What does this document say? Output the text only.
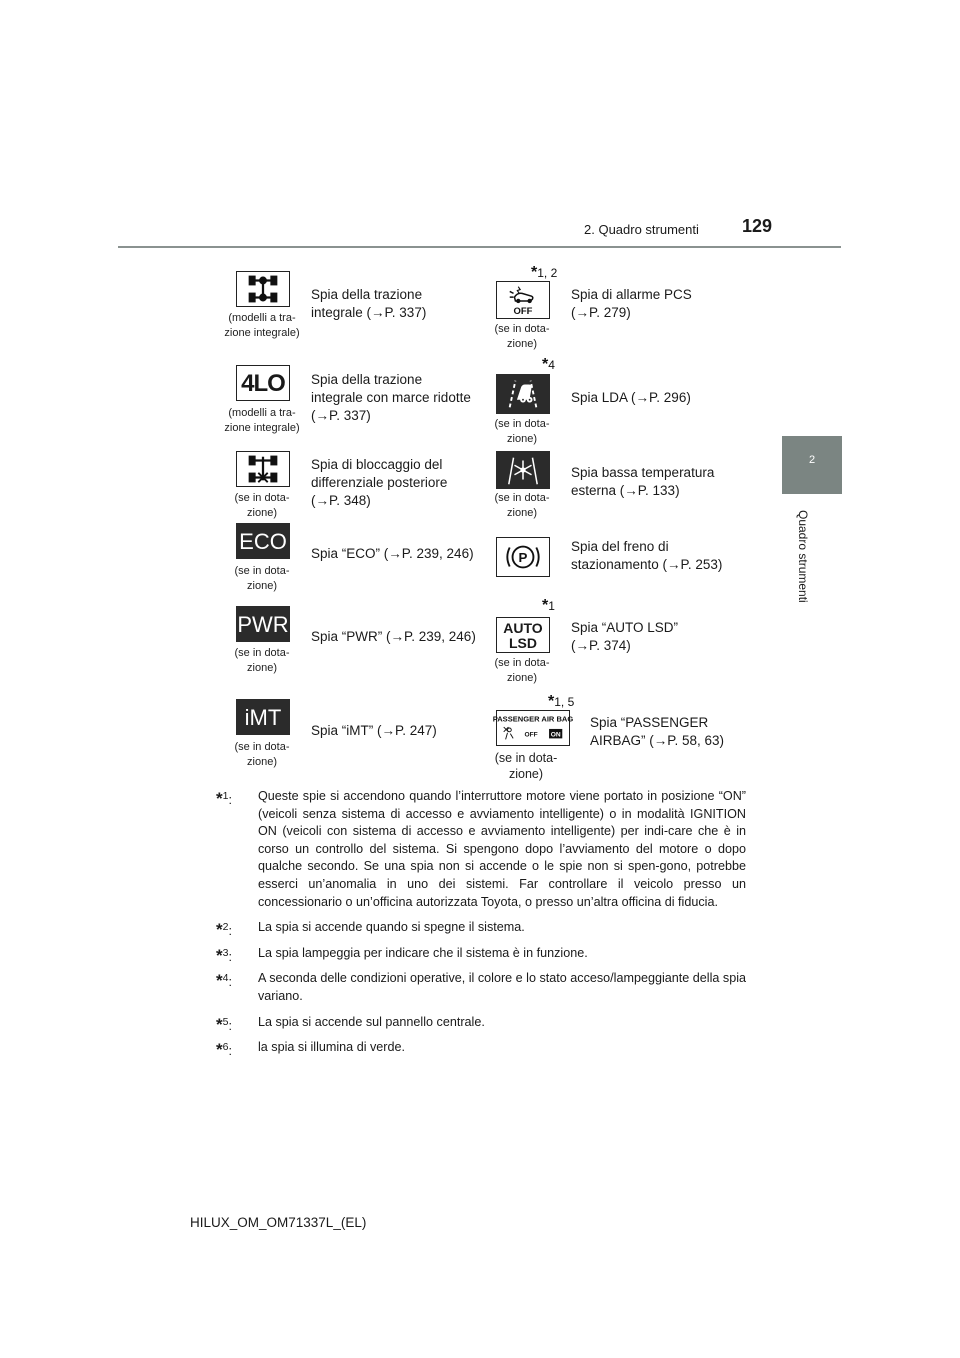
2. Quadro strumenti 129
2
Quadro strumenti
(modelli a tra-
zione integrale)
Spia della trazione
integrale (→P. 337)
4LO
(modelli a tra-
zione integrale)
Spia della trazione
integrale con marce ridotte
(→P. 337)
(se in dota-
zione)
Spia di bloccaggio del
differenziale posteriore
(→P. 348)
ECO
(se in dota-
zione)
Spia “ECO” (→P. 239, 246)
PWR
(se in dota-
zione)
Spia “PWR” (→P. 239, 246)
iMT
(se in dota-
zione)
Spia “iMT” (→P. 247)
*1, 2
OFF
(se in dota-
zione)
Spia di allarme PCS
(→P. 279)
*4
(se in dota-
zione)
Spia LDA (→P. 296)
(se in dota-
zione)
Spia bassa temperatura
esterna (→P. 133)
P
Spia del freno di
stazionamento (→P. 253)
*1
AUTO
LSD
(se in dota-
zione)
Spia “AUTO LSD”
(→P. 374)
*1, 5
PASSENGER AIR BAG
OFF ON
(se in dota-
zione)
Spia “PASSENGER
AIRBAG” (→P. 58, 63)
*$^1$: Queste spie si accendono quando l’interruttore motore viene portato in posizione “ON” (veicoli senza sistema di accesso e avviamento intelligente) o in modalità IGNITION ON (veicoli con sistema di accesso e avviamento intelligente) per indi-care che è in corso un controllo del sistema. Si spengono dopo l’avviamento del motore o dopo qualche secondo. Se una spia non si accende o le spie non si spen-gono, potrebbe esserci un’anomalia in uno dei sistemi. Far controllare il veicolo presso un concessionario o un’officina autorizzata Toyota, o presso un’altra officina di fiducia.
*$^2$: La spia si accende quando si spegne il sistema.
*$^3$: La spia lampeggia per indicare che il sistema è in funzione.
*$^4$: A seconda delle condizioni operative, il colore e lo stato acceso/lampeggiante della spia variano.
*$^5$: La spia si accende sul pannello centrale.
*$^6$: la spia si illumina di verde.
HILUX_OM_OM71337L_(EL)
